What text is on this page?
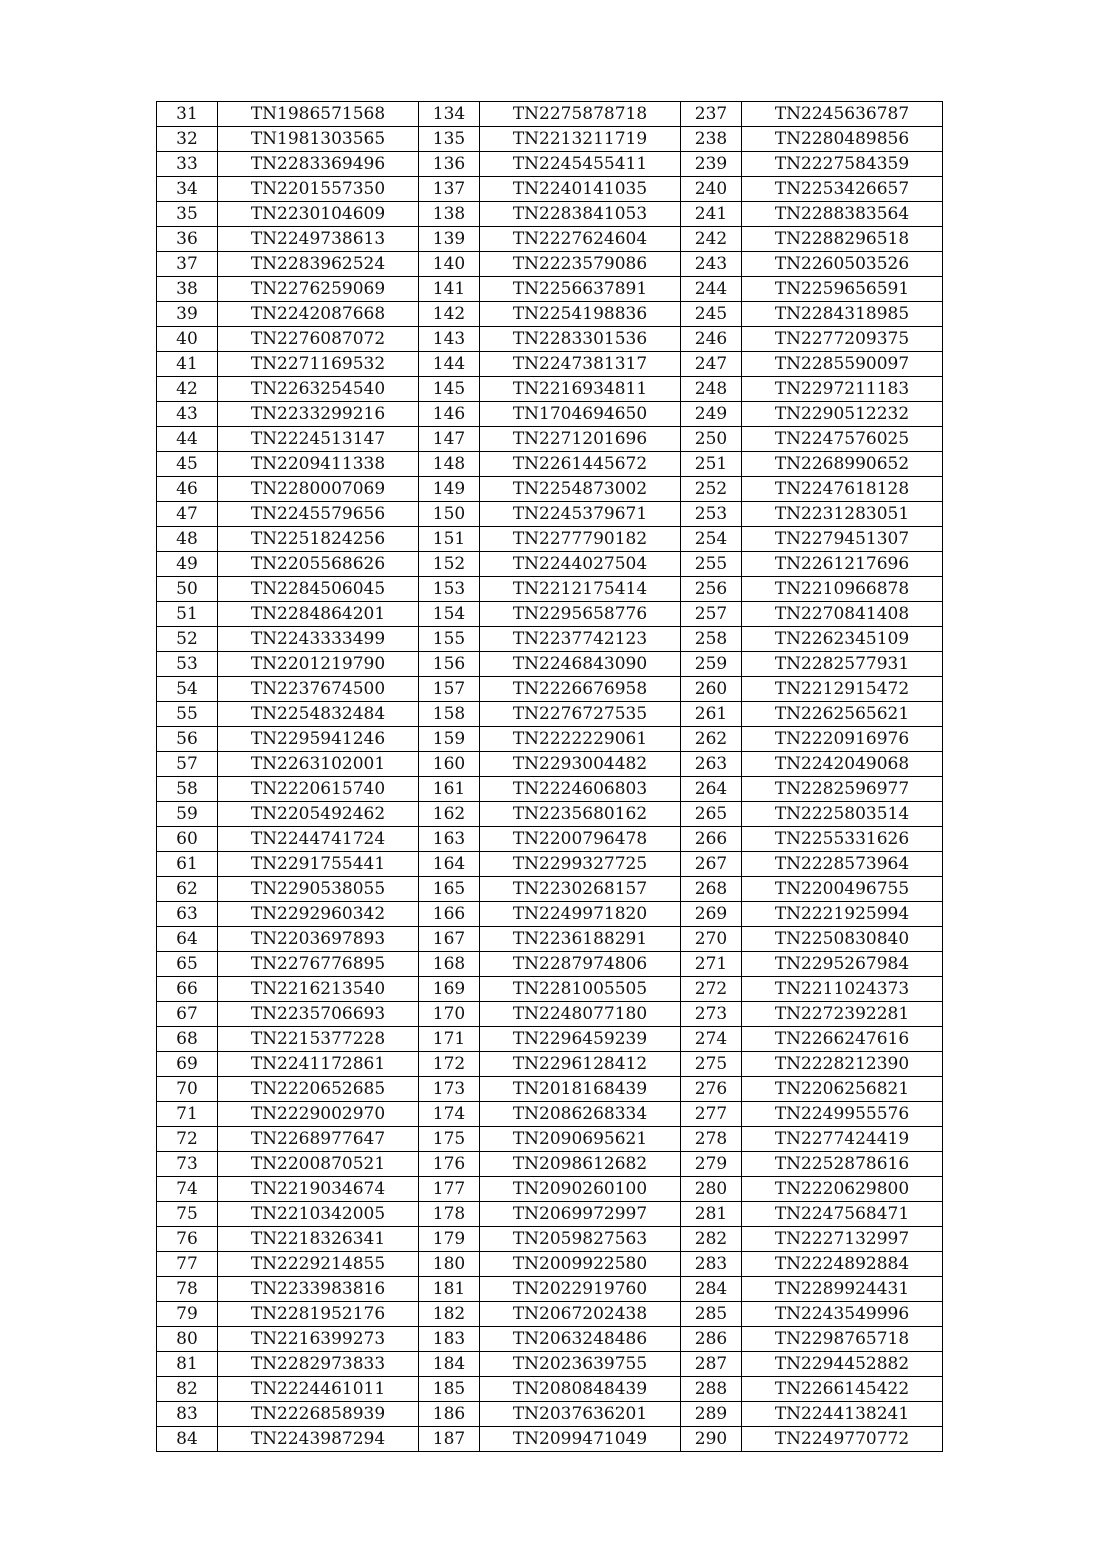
31	TN1986571568	134	TN2275878718	237	TN2245636787
32	TN1981303565	135	TN2213211719	238	TN2280489856
33	TN2283369496	136	TN2245455411	239	TN2227584359
34	TN2201557350	137	TN2240141035	240	TN2253426657
35	TN2230104609	138	TN2283841053	241	TN2288383564
36	TN2249738613	139	TN2227624604	242	TN2288296518
37	TN2283962524	140	TN2223579086	243	TN2260503526
38	TN2276259069	141	TN2256637891	244	TN2259656591
39	TN2242087668	142	TN2254198836	245	TN2284318985
40	TN2276087072	143	TN2283301536	246	TN2277209375
41	TN2271169532	144	TN2247381317	247	TN2285590097
42	TN2263254540	145	TN2216934811	248	TN2297211183
43	TN2233299216	146	TN1704694650	249	TN2290512232
44	TN2224513147	147	TN2271201696	250	TN2247576025
45	TN2209411338	148	TN2261445672	251	TN2268990652
46	TN2280007069	149	TN2254873002	252	TN2247618128
47	TN2245579656	150	TN2245379671	253	TN2231283051
48	TN2251824256	151	TN2277790182	254	TN2279451307
49	TN2205568626	152	TN2244027504	255	TN2261217696
50	TN2284506045	153	TN2212175414	256	TN2210966878
51	TN2284864201	154	TN2295658776	257	TN2270841408
52	TN2243333499	155	TN2237742123	258	TN2262345109
53	TN2201219790	156	TN2246843090	259	TN2282577931
54	TN2237674500	157	TN2226676958	260	TN2212915472
55	TN2254832484	158	TN2276727535	261	TN2262565621
56	TN2295941246	159	TN2222229061	262	TN2220916976
57	TN2263102001	160	TN2293004482	263	TN2242049068
58	TN2220615740	161	TN2224606803	264	TN2282596977
59	TN2205492462	162	TN2235680162	265	TN2225803514
60	TN2244741724	163	TN2200796478	266	TN2255331626
61	TN2291755441	164	TN2299327725	267	TN2228573964
62	TN2290538055	165	TN2230268157	268	TN2200496755
63	TN2292960342	166	TN2249971820	269	TN2221925994
64	TN2203697893	167	TN2236188291	270	TN2250830840
65	TN2276776895	168	TN2287974806	271	TN2295267984
66	TN2216213540	169	TN2281005505	272	TN2211024373
67	TN2235706693	170	TN2248077180	273	TN2272392281
68	TN2215377228	171	TN2296459239	274	TN2266247616
69	TN2241172861	172	TN2296128412	275	TN2228212390
70	TN2220652685	173	TN2018168439	276	TN2206256821
71	TN2229002970	174	TN2086268334	277	TN2249955576
72	TN2268977647	175	TN2090695621	278	TN2277424419
73	TN2200870521	176	TN2098612682	279	TN2252878616
74	TN2219034674	177	TN2090260100	280	TN2220629800
75	TN2210342005	178	TN2069972997	281	TN2247568471
76	TN2218326341	179	TN2059827563	282	TN2227132997
77	TN2229214855	180	TN2009922580	283	TN2224892884
78	TN2233983816	181	TN2022919760	284	TN2289924431
79	TN2281952176	182	TN2067202438	285	TN2243549996
80	TN2216399273	183	TN2063248486	286	TN2298765718
81	TN2282973833	184	TN2023639755	287	TN2294452882
82	TN2224461011	185	TN2080848439	288	TN2266145422
83	TN2226858939	186	TN2037636201	289	TN2244138241
84	TN2243987294	187	TN2099471049	290	TN2249770772
